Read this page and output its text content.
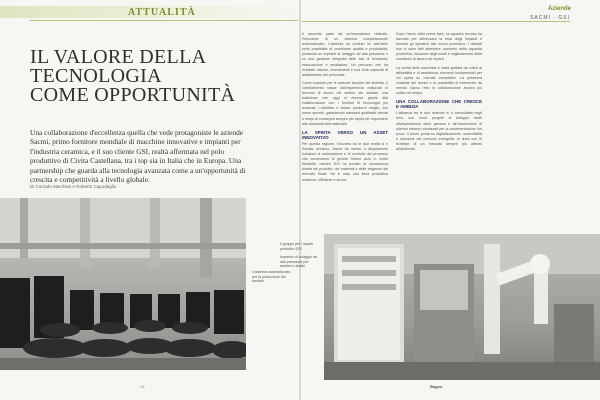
ATTUALITÀ	Aziende
SACMI - GSI
IL VALORE DELLA
TECNOLOGIA
COME OPPORTUNITÀ
Una collaborazione d'eccellenza quella che vede protagoniste le aziende Sacmi, primo fornitore mondiale di macchine innovative e impianti per l'industria ceramica, e il suo cliente GSI, realtà affermata nel polo produttivo di Civita Castellana, tra i top sia in Italia che in Europa. Una partnership che guarda alla tecnologia avanzata come a un'opportunità di crescita e competitività a livello globale.
Di Corrado Marchesi e Roberto Capodaglio

Il racconto parte da un'innovazione radicale, l'intuizione di un sistema completamente automatizzato. L'azienda ha creduto fin dall'inizio nella possibilità di combinare qualità e produttività, puntando su impianti di colaggio ad alta pressione e su una gestione integrata delle fasi di formatura, essiccazione e smaltatura. Un percorso che ha richiesto visione, investimenti e una forte capacità di adattamento del personale.

Come succede per le aziende storiche del distretto, il cambiamento nasce dall'esperienza maturata in decenni di lavoro nel settore dei sanitari, una tradizione che oggi si rinnova grazie alla collaborazione con i fornitori di tecnologia più avanzati. L'obiettivo è chiaro: produrre meglio, con meno sprechi, garantendo standard qualitativi elevati e tempi di consegna sempre più rapidi per rispondere alla domanda internazionale.

LA SPINTA VERSO UN ASSET INNOVATIVO

Per questa ragione, l'incontro tra le due realtà si è rivelato decisivo. Sacmi ha messo a disposizione soluzioni di automazione e di controllo del processo che consentono di gestire l'intero ciclo in modo flessibile, mentre GSI ha portato la conoscenza diretta del prodotto, dei materiali e delle esigenze del mercato finale. Ne è nata una linea produttiva moderna, efficiente e sicura.

Dopo l'avvio della prima fase, la squadra tecnica ha lavorato per ottimizzare la resa degli impianti e formare gli operatori alle nuove procedure. I risultati non si sono fatti attendere: aumento della capacità produttiva, riduzione degli scarti e miglioramento delle condizioni di lavoro nei reparti.

La scelta delle macchine è stata guidata da criteri di affidabilità e di assistenza, elementi fondamentali per chi opera su mercati competitivi. La presenza costante dei tecnici e la possibilità di intervenire da remoto hanno reso la collaborazione ancora più solida nel tempo.

UNA COLLABORAZIONE CHE CRESCE E AMBIZIA

L'alleanza tra le due aziende si è consolidata negli anni, con nuovi progetti di sviluppo rivolti all'ampliamento della gamma e all'introduzione di ulteriori sistemi robotizzati per la movimentazione dei pezzi. Il futuro punta su digitalizzazione, sostenibilità e riduzione dei consumi energetici, in linea con le richieste di un mercato sempre più attento all'ambiente.

Il sistema automatizzato per la produzione dei sanitari

Il gruppo per i reparti produttivi GSI

Impianto di colaggio ad alta pressione per sanitari e lavabi

18	Bagno
